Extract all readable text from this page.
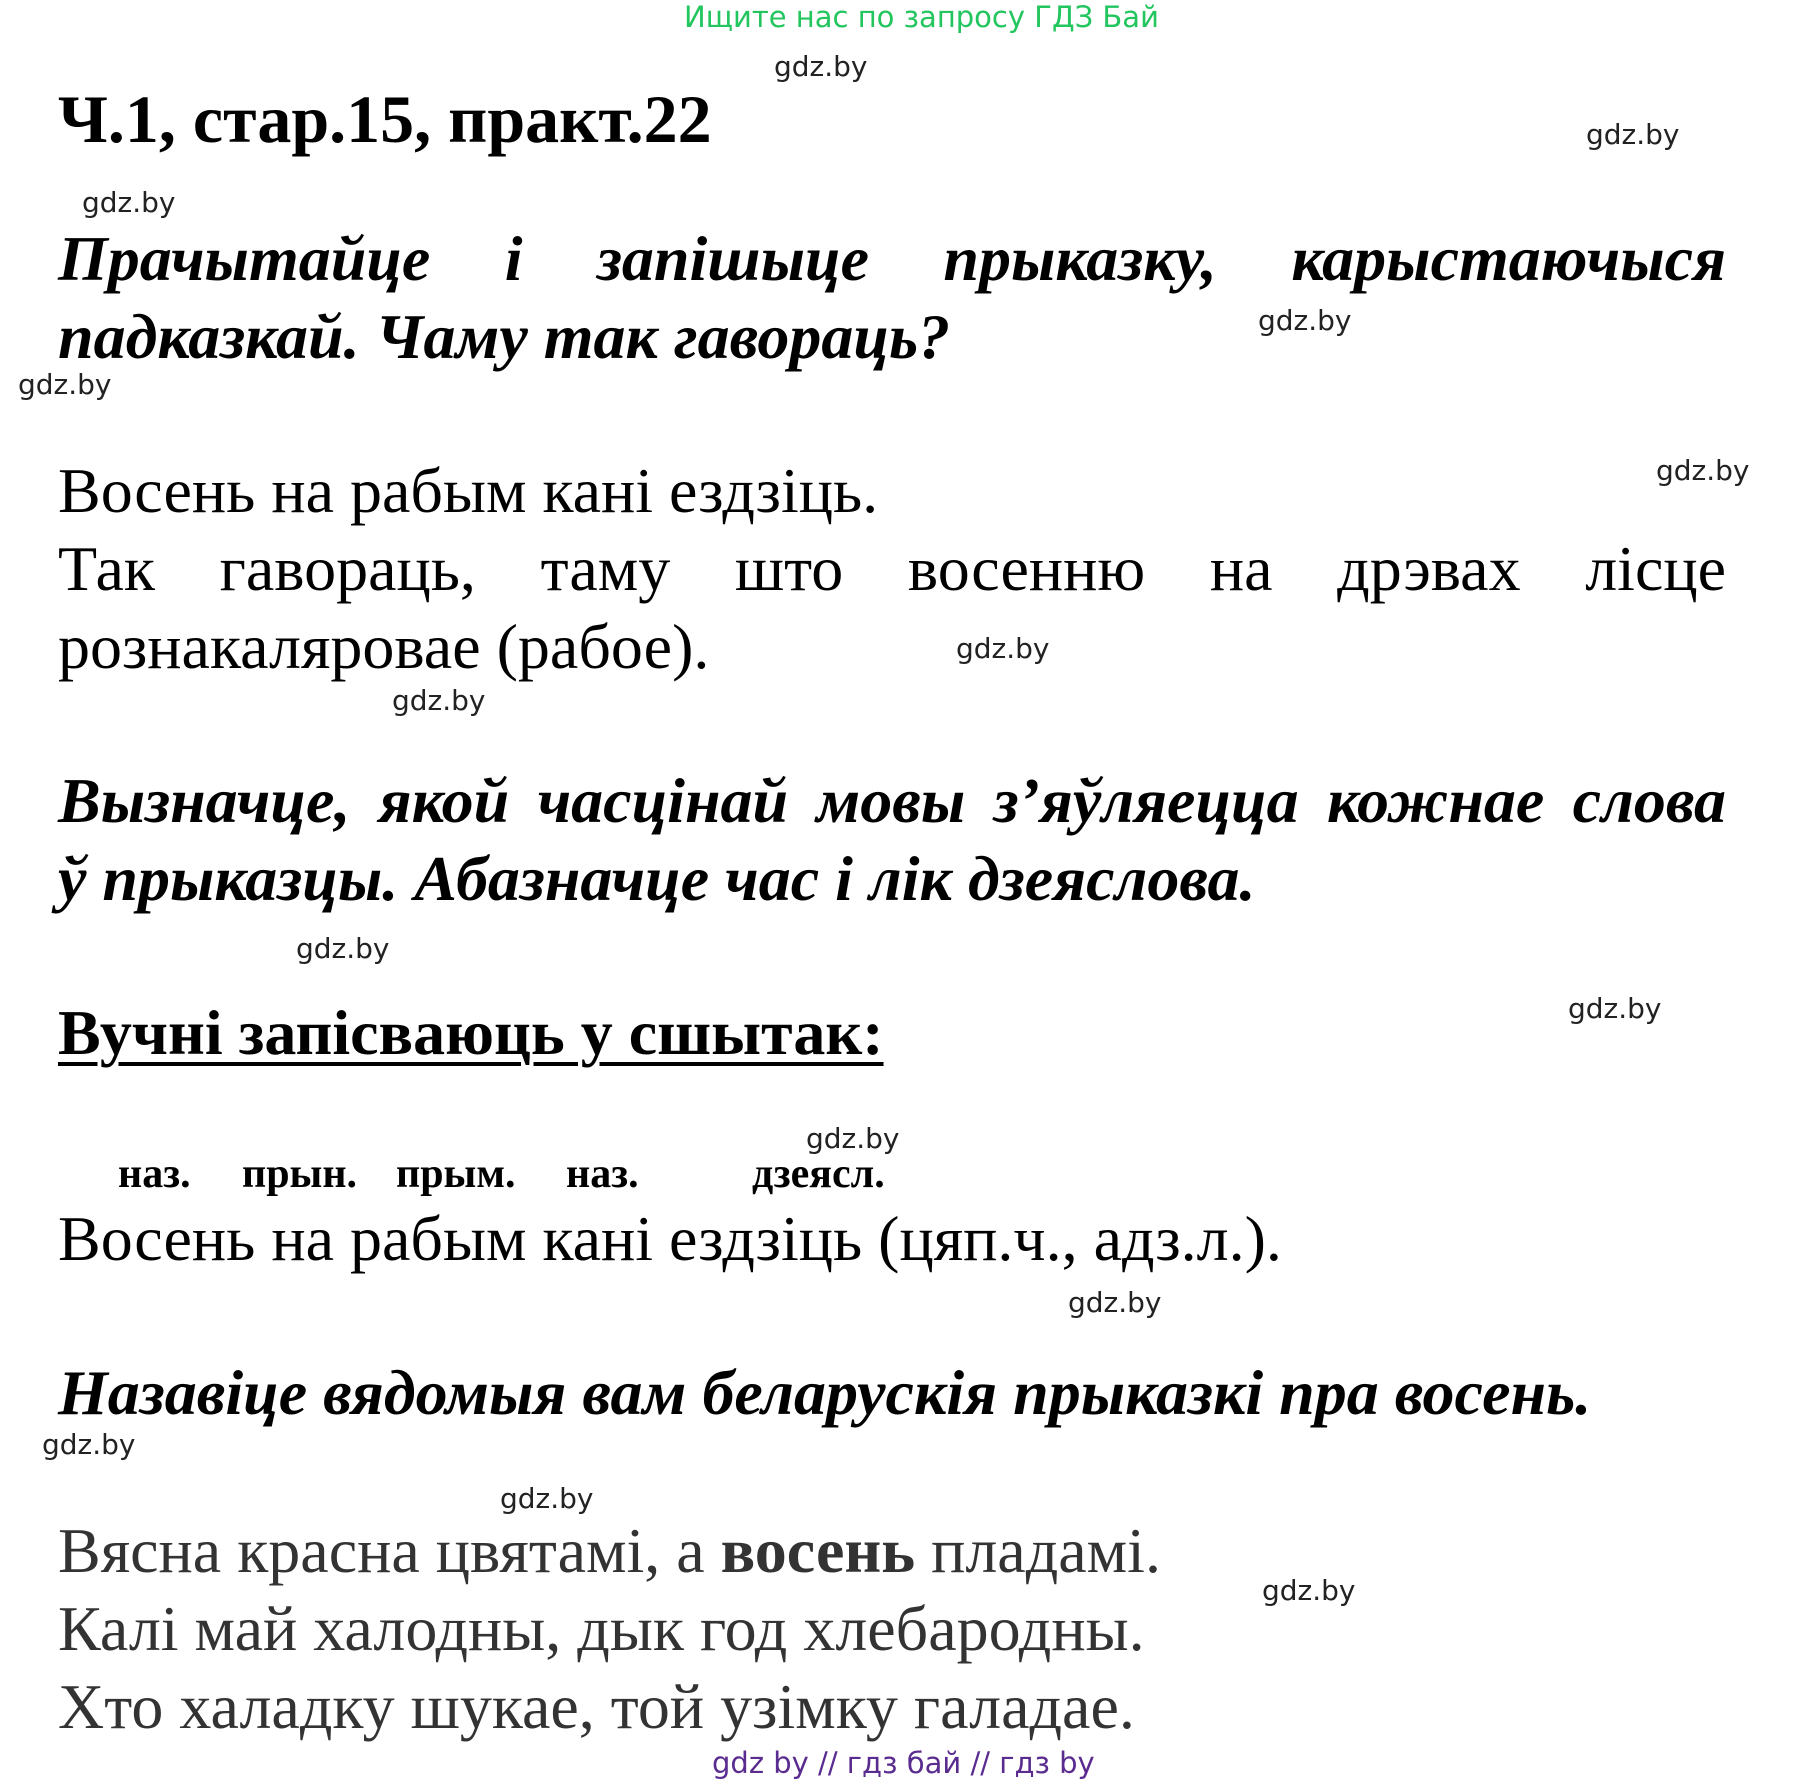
Ищите нас по запросу ГДЗ Бай
Ч.1, стар.15, практ.22
Прачытайце і запішыце прыказку, карыстаючыся
падказкай. Чаму так гавораць?
Восень на рабым кані ездзіць.
Так гавораць, таму што восенню на дрэвах лісце
рознакаляровае (рабое).
Вызначце, якой часцінай мовы з’яўляецца кожнае слова
ў прыказцы. Абазначце час і лік дзеяслова.
Вучні запісваюць у сшытак:
наз. прын. прым. наз.	дзеясл.
Восень на рабым кані ездзіць (цяп.ч., адз.л.).
Назавіце вядомыя вам беларускія прыказкі пра восень.
Вясна красна цвятамі, а восень пладамі.
Калі май халодны, дык год хлебародны.
Хто халадку шукае, той узімку галадае.
gdz.by
gdz.by
gdz.by
gdz.by
gdz.by
gdz.by
gdz.by
gdz.by
gdz.by
gdz.by
gdz.by
gdz.by
gdz.by
gdz.by
gdz.by
gdz by // гдз бай // гдз by
